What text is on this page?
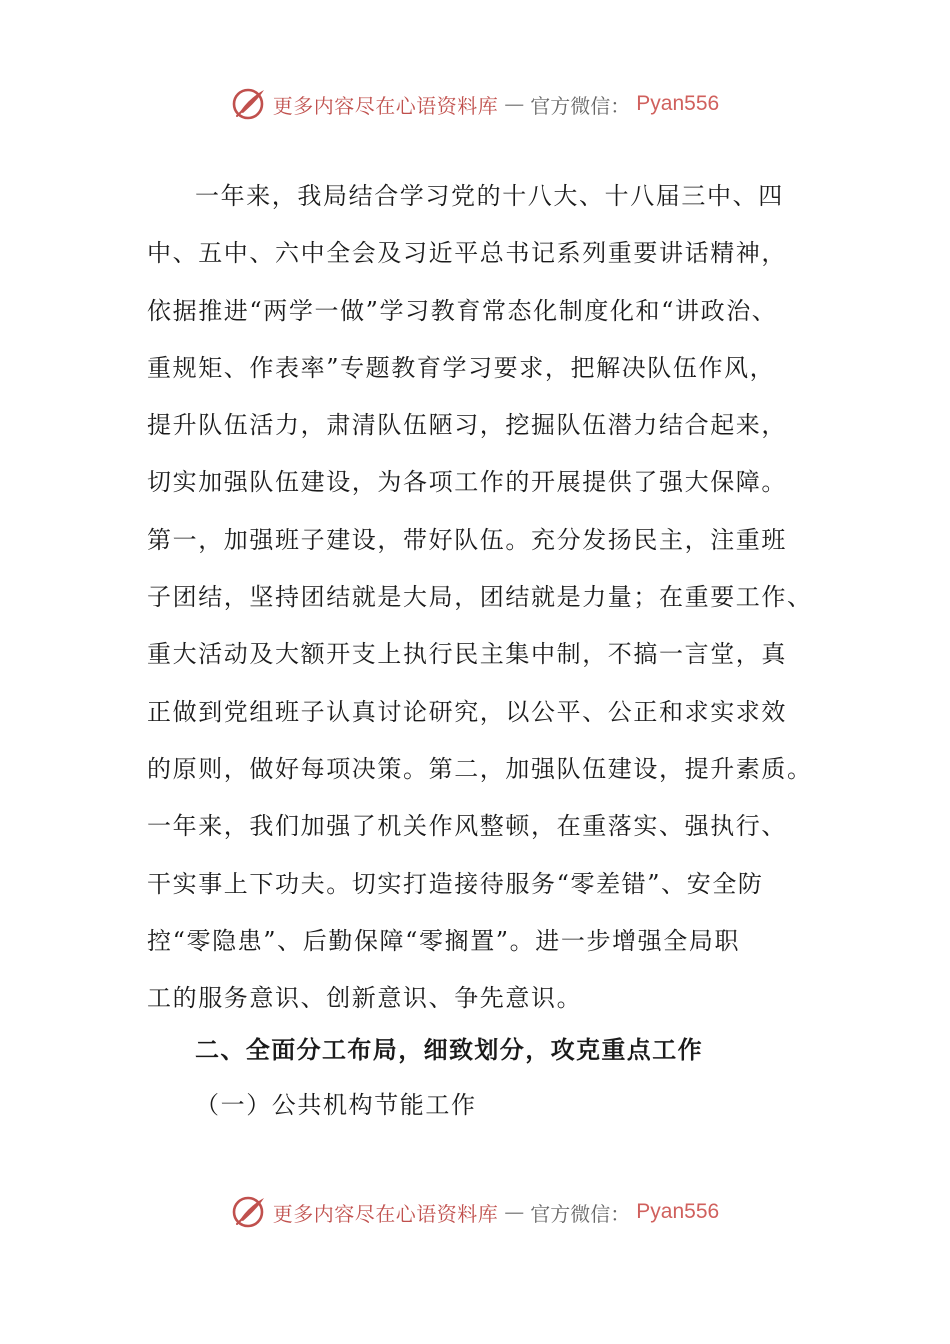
更多内容尽在心语资料库 — 官方微信： Pyan556
一年来，我局结合学习党的十八大、十八届三中、四
中、五中、六中全会及习近平总书记系列重要讲话精神，
依据推进“两学一做”学习教育常态化制度化和“讲政治、
重规矩、作表率”专题教育学习要求，把解决队伍作风，
提升队伍活力，肃清队伍陋习，挖掘队伍潜力结合起来，
切实加强队伍建设，为各项工作的开展提供了强大保障。
第一，加强班子建设，带好队伍。充分发扬民主，注重班
子团结，坚持团结就是大局，团结就是力量；在重要工作、
重大活动及大额开支上执行民主集中制，不搞一言堂，真
正做到党组班子认真讨论研究，以公平、公正和求实求效
的原则，做好每项决策。第二，加强队伍建设，提升素质。
一年来，我们加强了机关作风整顿，在重落实、强执行、
干实事上下功夫。切实打造接待服务“零差错”、安全防
控“零隐患”、后勤保障“零搁置”。进一步增强全局职
工的服务意识、创新意识、争先意识。
二、全面分工布局，细致划分，攻克重点工作
（一）公共机构节能工作
更多内容尽在心语资料库 — 官方微信： Pyan556
